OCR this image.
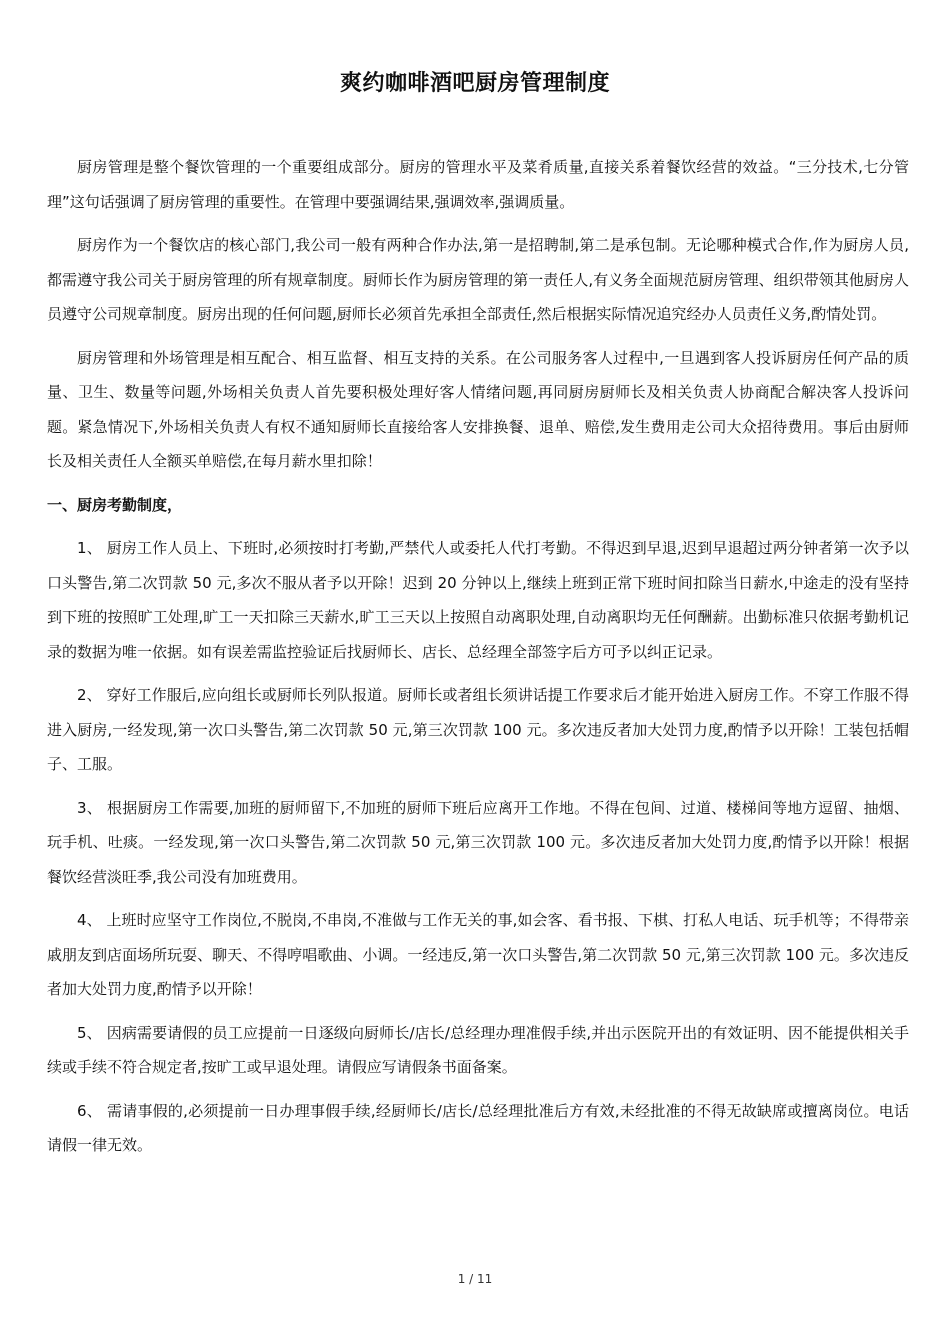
爽约咖啡酒吧厨房管理制度

厨房管理是整个餐饮管理的一个重要组成部分。厨房的管理水平及菜肴质量,直接关系着餐饮经营的效益。“三分技术,七分管理”这句话强调了厨房管理的重要性。在管理中要强调结果,强调效率,强调质量。

厨房作为一个餐饮店的核心部门,我公司一般有两种合作办法,第一是招聘制,第二是承包制。无论哪种模式合作,作为厨房人员,都需遵守我公司关于厨房管理的所有规章制度。厨师长作为厨房管理的第一责任人,有义务全面规范厨房管理、组织带领其他厨房人员遵守公司规章制度。厨房出现的任何问题,厨师长必须首先承担全部责任,然后根据实际情况追究经办人员责任义务,酌情处罚。

厨房管理和外场管理是相互配合、相互监督、相互支持的关系。在公司服务客人过程中,一旦遇到客人投诉厨房任何产品的质量、卫生、数量等问题,外场相关负责人首先要积极处理好客人情绪问题,再同厨房厨师长及相关负责人协商配合解决客人投诉问题。紧急情况下,外场相关负责人有权不通知厨师长直接给客人安排换餐、退单、赔偿,发生费用走公司大众招待费用。事后由厨师长及相关责任人全额买单赔偿,在每月薪水里扣除！

一、厨房考勤制度，

1、 厨房工作人员上、下班时,必须按时打考勤,严禁代人或委托人代打考勤。不得迟到早退,迟到早退超过两分钟者第一次予以口头警告,第二次罚款 50 元,多次不服从者予以开除！迟到 20 分钟以上,继续上班到正常下班时间扣除当日薪水,中途走的没有坚持到下班的按照旷工处理,旷工一天扣除三天薪水,旷工三天以上按照自动离职处理,自动离职均无任何酬薪。出勤标准只依据考勤机记录的数据为唯一依据。如有误差需监控验证后找厨师长、店长、总经理全部签字后方可予以纠正记录。

2、 穿好工作服后,应向组长或厨师长列队报道。厨师长或者组长须讲话提工作要求后才能开始进入厨房工作。不穿工作服不得进入厨房,一经发现,第一次口头警告,第二次罚款 50 元,第三次罚款 100 元。多次违反者加大处罚力度,酌情予以开除！工装包括帽子、工服。

3、 根据厨房工作需要,加班的厨师留下,不加班的厨师下班后应离开工作地。不得在包间、过道、楼梯间等地方逗留、抽烟、玩手机、吐痰。一经发现,第一次口头警告,第二次罚款 50 元,第三次罚款 100 元。多次违反者加大处罚力度,酌情予以开除！根据餐饮经营淡旺季,我公司没有加班费用。

4、 上班时应坚守工作岗位,不脱岗,不串岗,不准做与工作无关的事,如会客、看书报、下棋、打私人电话、玩手机等；不得带亲戚朋友到店面场所玩耍、聊天、不得哼唱歌曲、小调。一经违反,第一次口头警告,第二次罚款 50 元,第三次罚款 100 元。多次违反者加大处罚力度,酌情予以开除！

5、 因病需要请假的员工应提前一日逐级向厨师长/店长/总经理办理准假手续,并出示医院开出的有效证明、因不能提供相关手续或手续不符合规定者,按旷工或早退处理。请假应写请假条书面备案。

6、 需请事假的,必须提前一日办理事假手续,经厨师长/店长/总经理批准后方有效,未经批准的不得无故缺席或擅离岗位。电话请假一律无效。

1 / 11
